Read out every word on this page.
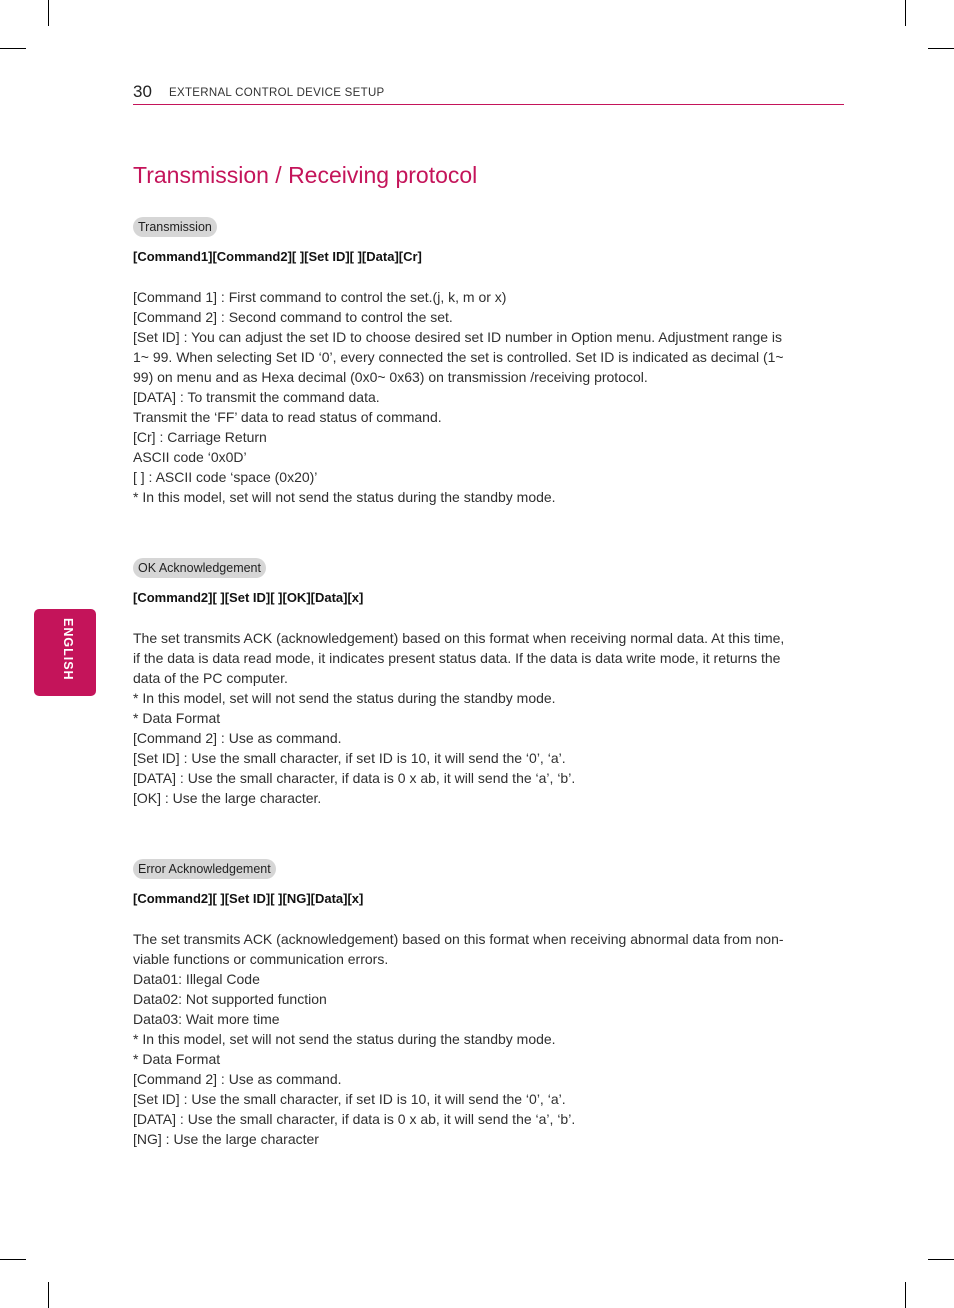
30 EXTERNAL CONTROL DEVICE SETUP
Transmission / Receiving protocol
ENGLISH
Transmission
[Command1][Command2][ ][Set ID][ ][Data][Cr]
[Command 1] : First command to control the set.(j, k, m or x)
[Command 2] : Second command to control the set.
[Set ID] : You can adjust the set ID to choose desired set ID number in Option menu. Adjustment range is
1~ 99. When selecting Set ID ‘0’, every connected the set is controlled. Set ID is indicated as decimal (1~
99) on menu and as Hexa decimal (0x0~ 0x63) on transmission /receiving protocol.
[DATA] : To transmit the command data.
Transmit the ‘FF’ data to read status of command.
[Cr] : Carriage Return
ASCII code ‘0x0D’
[ ] : ASCII code ‘space (0x20)’
* In this model, set will not send the status during the standby mode.
OK Acknowledgement
[Command2][ ][Set ID][ ][OK][Data][x]
The set transmits ACK (acknowledgement) based on this format when receiving normal data. At this time,
if the data is data read mode, it indicates present status data. If the data is data write mode, it returns the
data of the PC computer.
* In this model, set will not send the status during the standby mode.
* Data Format
[Command 2] : Use as command.
[Set ID] : Use the small character, if set ID is 10, it will send the ‘0’, ‘a’.
[DATA] : Use the small character, if data is 0 x ab, it will send the ‘a’, ‘b’.
[OK] : Use the large character.
Error Acknowledgement
[Command2][ ][Set ID][ ][NG][Data][x]
The set transmits ACK (acknowledgement) based on this format when receiving abnormal data from non-
viable functions or communication errors.
Data01: Illegal Code
Data02: Not supported function
Data03: Wait more time
* In this model, set will not send the status during the standby mode.
* Data Format
[Command 2] : Use as command.
[Set ID] : Use the small character, if set ID is 10, it will send the ‘0’, ‘a’.
[DATA] : Use the small character, if data is 0 x ab, it will send the ‘a’, ‘b’.
[NG] : Use the large character
